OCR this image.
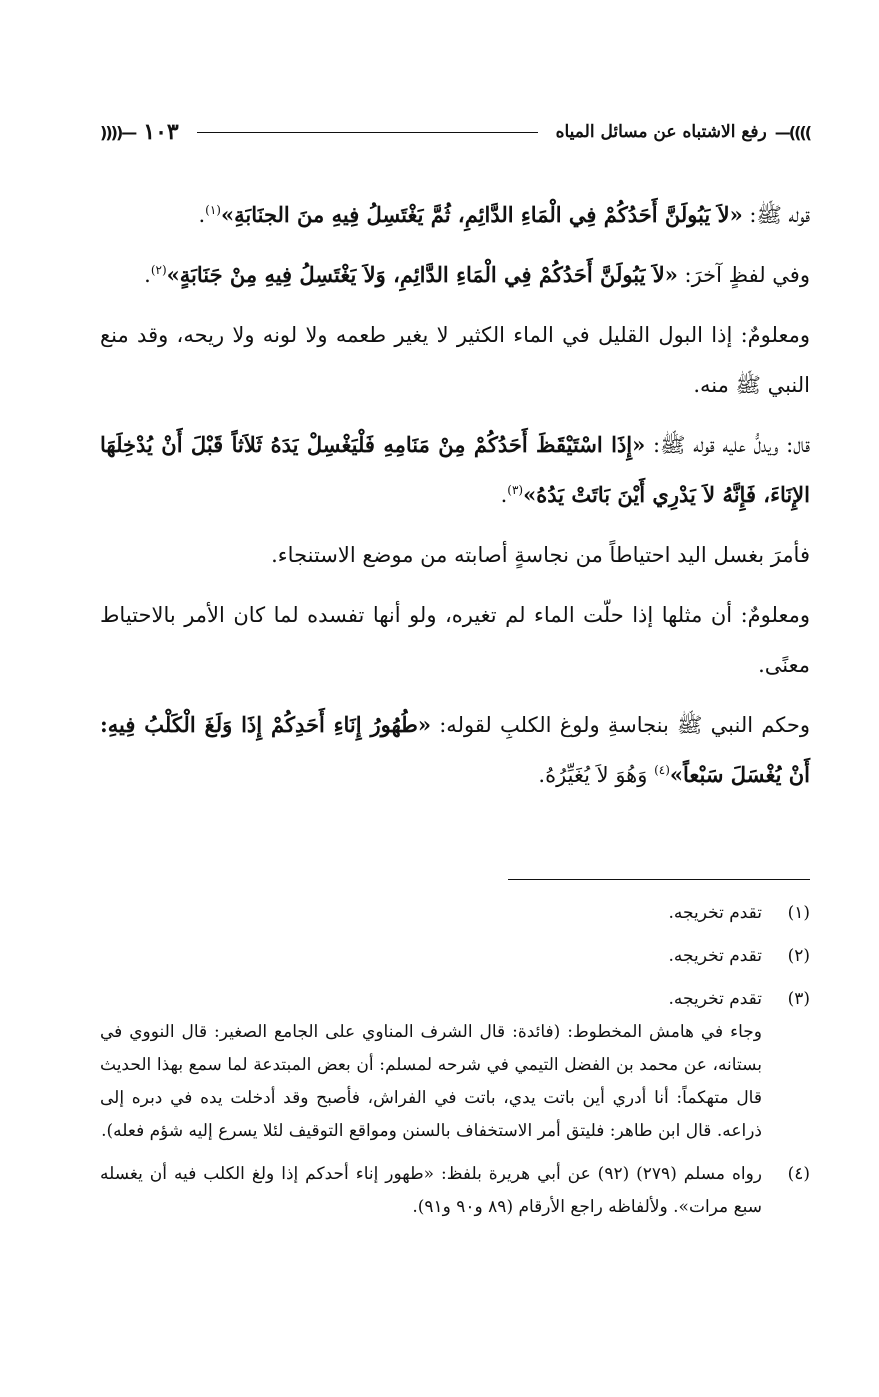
—((((
رفع الاشتباه عن مسائل المياه
١٠٣
))))—

قوله ﷺ: «لاَ يَبُولَنَّ أَحَدُكُمْ فِي الْمَاءِ الدَّائِمِ، ثُمَّ يَغْتَسِلُ فِيهِ منَ الجنَابَةِ»$^{(١)}$.

وفي لفظٍ آخرَ: «لاَ يَبُولَنَّ أَحَدُكُمْ فِي الْمَاءِ الدَّائِمِ، وَلاَ يَغْتَسِلُ فِيهِ مِنْ جَنَابَةٍ»$^{(٢)}$.

ومعلومٌ: إذا البول القليل في الماء الكثير لا يغير طعمه ولا لونه ولا ريحه، وقد منع النبي ﷺ منه.

قال: ويدلُّ عليه قوله ﷺ: «إِذَا اسْتَيْقَظَ أَحَدُكُمْ مِنْ مَنَامِهِ فَلْيَغْسِلْ يَدَهُ ثَلاَثاً قَبْلَ أَنْ يُدْخِلَهَا الإِنَاءَ، فَإِنَّهُ لاَ يَدْرِي أَيْنَ بَاتَتْ يَدُهُ»$^{(٣)}$.

فأمرَ بغسل اليد احتياطاً من نجاسةٍ أصابته من موضع الاستنجاء.

ومعلومٌ: أن مثلها إذا حلّت الماء لم تغيره، ولو أنها تفسده لما كان الأمر بالاحتياط معنًى.

وحكم النبي ﷺ بنجاسةِ ولوغ الكلبِ لقوله: «طُهُورُ إِنَاءِ أَحَدِكُمْ إِذَا وَلَغَ الْكَلْبُ فِيهِ: أَنْ يُغْسَلَ سَبْعاً»$^{(٤)}$ وَهُوَ لاَ يُغَيِّرُهُ.

(١)
تقدم تخريجه.
(٢)
تقدم تخريجه.
(٣)
تقدم تخريجه.
وجاء في هامش المخطوط: (فائدة: قال الشرف المناوي على الجامع الصغير: قال النووي في بستانه، عن محمد بن الفضل التيمي في شرحه لمسلم: أن بعض المبتدعة لما سمع بهذا الحديث قال متهكماً: أنا أدري أين باتت يدي، باتت في الفراش، فأصبح وقد أدخلت يده في دبره إلى ذراعه. قال ابن طاهر: فليتق أمر الاستخفاف بالسنن ومواقع التوقيف لئلا يسرع إليه شؤم فعله).
(٤)
رواه مسلم (٢٧٩) (٩٢) عن أبي هريرة بلفظ: «طهور إناء أحدكم إذا ولغ الكلب فيه أن يغسله سبع مرات». ولألفاظه راجع الأرقام (٨٩ و٩٠ و٩١).
